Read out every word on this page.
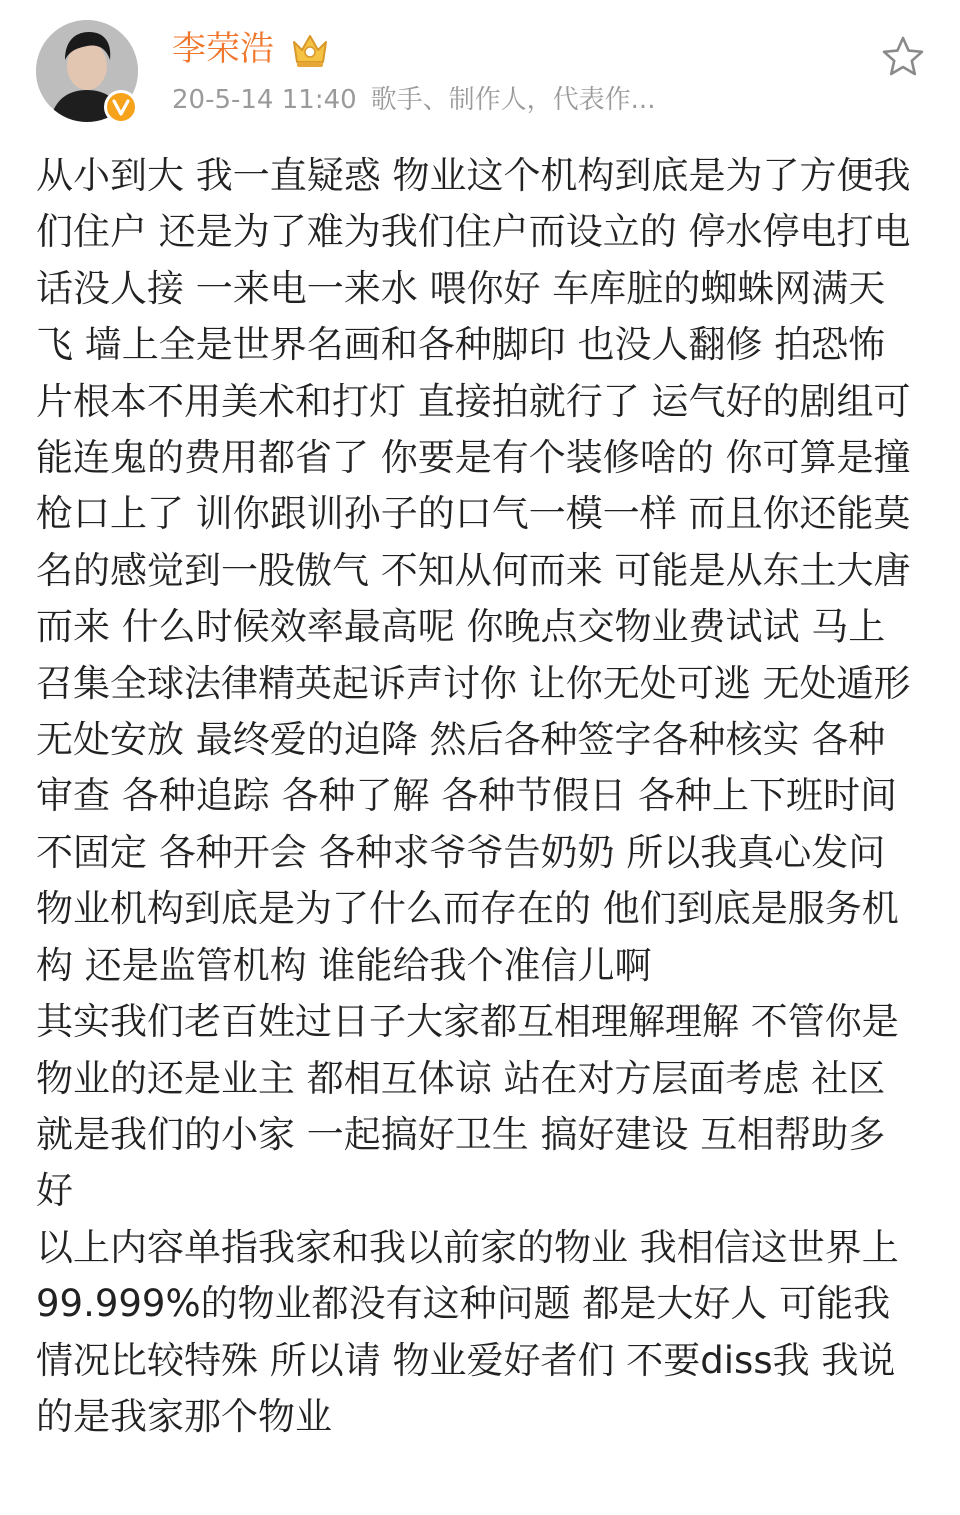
李荣浩
20-5-14 11:40 歌手、制作人，代表作...

从小到大 我一直疑惑 物业这个机构到底是为了方便我们住户 还是为了难为我们住户而设立的 停水停电打电话没人接 一来电一来水 喂你好 车库脏的蜘蛛网满天飞 墙上全是世界名画和各种脚印 也没人翻修 拍恐怖片根本不用美术和打灯 直接拍就行了 运气好的剧组可能连鬼的费用都省了 你要是有个装修啥的 你可算是撞枪口上了 训你跟训孙子的口气一模一样 而且你还能莫名的感觉到一股傲气 不知从何而来 可能是从东土大唐而来 什么时候效率最高呢 你晚点交物业费试试 马上召集全球法律精英起诉声讨你 让你无处可逃 无处遁形 无处安放 最终爱的迫降 然后各种签字各种核实 各种审查 各种追踪 各种了解 各种节假日 各种上下班时间不固定 各种开会 各种求爷爷告奶奶 所以我真心发问 物业机构到底是为了什么而存在的 他们到底是服务机构 还是监管机构 谁能给我个准信儿啊

其实我们老百姓过日子大家都互相理解理解 不管你是物业的还是业主 都相互体谅 站在对方层面考虑 社区就是我们的小家 一起搞好卫生 搞好建设 互相帮助多好

以上内容单指我家和我以前家的物业 我相信这世界上99.999%的物业都没有这种问题 都是大好人 可能我情况比较特殊 所以请 物业爱好者们 不要diss我 我说的是我家那个物业
